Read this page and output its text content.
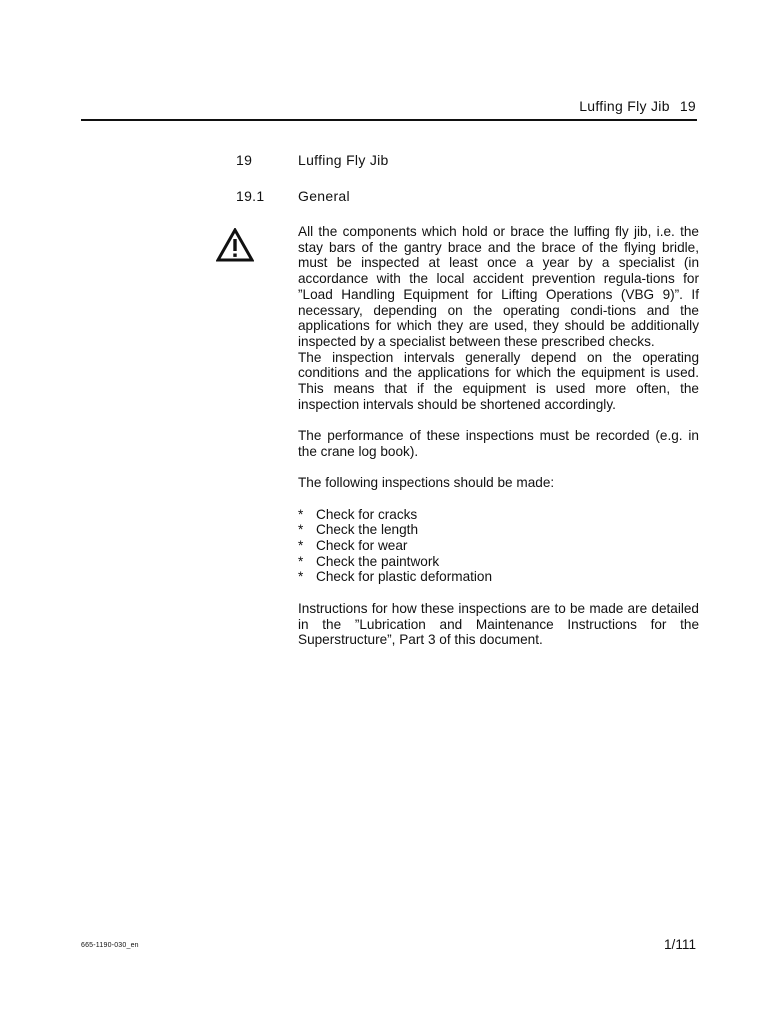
Luffing Fly Jib 19
19	Luffing Fly Jib
19.1 General

All the components which hold or brace the luffing fly jib, i.e. the stay bars of the gantry brace and the brace of the flying bridle, must be inspected at least once a year by a specialist (in accordance with the local accident prevention regula-tions for ”Load Handling Equipment for Lifting Operations (VBG 9)”. If necessary, depending on the operating condi-tions and the applications for which they are used, they should be additionally inspected by a specialist between these prescribed checks.

The inspection intervals generally depend on the operating conditions and the applications for which the equipment is used. This means that if the equipment is used more often, the inspection intervals should be shortened accordingly.

The performance of these inspections must be recorded (e.g. in the crane log book).

The following inspections should be made:

* Check for cracks
* Check the length
* Check for wear
* Check the paintwork
* Check for plastic deformation

Instructions for how these inspections are to be made are detailed in the ”Lubrication and Maintenance Instructions for the Superstructure”, Part 3 of this document.

665-1190-030_en	1/111
